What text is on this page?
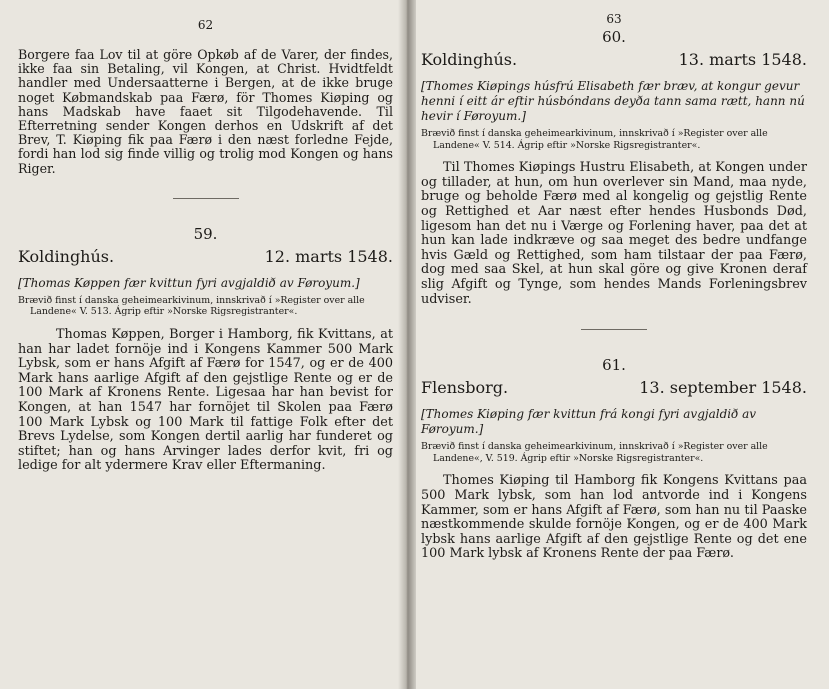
62

Borgere faa Lov til at göre Opkøb af de Varer, der findes, ikke faa sin Betaling, vil Kongen, at Christ. Hvidtfeldt handler med Undersaatterne i Bergen, at de ikke bruge noget Købmandskab paa Færø, för Thomes Kiøping og hans Madskab have faaet sit Tilgodehavende. Til Efterretning sender Kongen derhos en Udskrift af det Brev, T. Kiøping fik paa Færø i den næst forledne Fejde, fordi han lod sig finde villig og trolig mod Kongen og hans Riger.

59.
Koldinghús.	12. marts 1548.

[Thomas Køppen fær kvittun fyri avgjaldið av Føroyum.]

Brævið finst í danska geheimearkivinum, innskrivað í »Register over alle
Landene« V. 513. Ágrip eftir »Norske Rigsregistranter«.

Thomas Køppen, Borger i Hamborg, fik Kvittans, at han har ladet fornöje ind i Kongens Kammer 500 Mark Lybsk, som er hans Afgift af Færø for 1547, og er de 400 Mark hans aarlige Afgift af den gejstlige Rente og er de 100 Mark af Kronens Rente. Ligesaa har han bevist for Kongen, at han 1547 har fornöjet til Skolen paa Færø 100 Mark Lybsk og 100 Mark til fattige Folk efter det Brevs Lydelse, som Kongen dertil aarlig har funderet og stiftet; han og hans Arvinger lades derfor kvit, fri og ledige for alt ydermere Krav eller Eftermaning.

63
60.
Koldinghús.	13. marts 1548.

[Thomes Kiøpings húsfrú Elisabeth fær bræv, at kongur gevur henni í eitt ár eftir húsbóndans deyða tann sama rætt, hann nú hevir í Føroyum.]

Brævið finst í danska geheimearkivinum, innskrivað í »Register over alle
Landene« V. 514. Ágrip eftir »Norske Rigsregistranter«.

Til Thomes Kiøpings Hustru Elisabeth, at Kongen under og tillader, at hun, om hun overlever sin Mand, maa nyde, bruge og beholde Færø med al kongelig og gejstlig Rente og Rettighed et Aar næst efter hendes Husbonds Død, ligesom han det nu i Værge og Forlening haver, paa det at hun kan lade indkræve og saa meget des bedre undfange hvis Gæld og Rettighed, som ham tilstaar der paa Færø, dog med saa Skel, at hun skal göre og give Kronen deraf slig Afgift og Tynge, som hendes Mands Forleningsbrev udviser.

61.
Flensborg.	13. september 1548.

[Thomes Kiøping fær kvittun frá kongi fyri avgjaldið av Føroyum.]

Brævið finst í danska geheimearkivinum, innskrivað í »Register over alle
Landene«, V. 519. Ágrip eftir »Norske Rigsregistranter«.

Thomes Kiøping til Hamborg fik Kongens Kvittans paa 500 Mark lybsk, som han lod antvorde ind i Kongens Kammer, som er hans Afgift af Færø, som han nu til Paaske næstkommende skulde fornöje Kongen, og er de 400 Mark lybsk hans aarlige Afgift af den gejstlige Rente og det ene 100 Mark lybsk af Kronens Rente der paa Færø.
